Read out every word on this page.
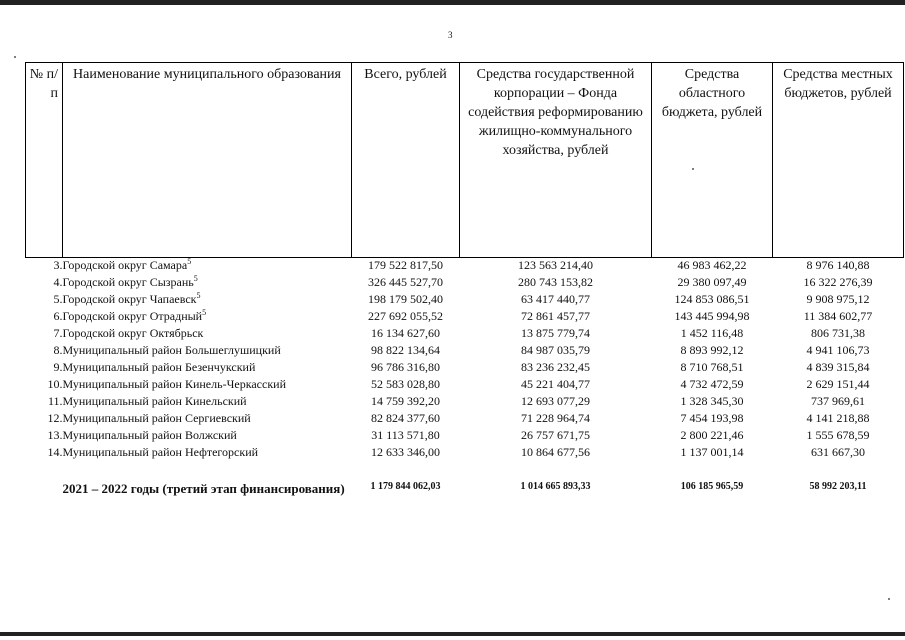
3
№ п/п	Наименование муниципального образования	Всего, рублей	Средства государственной корпорации – Фонда содействия реформированию жилищно-коммунального хозяйства, рублей	Средства областного бюджета, рублей	Средства местных бюджетов, рублей
3.	Городской округ Самара$^5$	179 522 817,50	123 563 214,40	46 983 462,22	8 976 140,88
4.	Городской округ Сызрань$^5$	326 445 527,70	280 743 153,82	29 380 097,49	16 322 276,39
5.	Городской округ Чапаевск$^5$	198 179 502,40	63 417 440,77	124 853 086,51	9 908 975,12
6.	Городской округ Отрадный$^5$	227 692 055,52	72 861 457,77	143 445 994,98	11 384 602,77
7.	Городской округ Октябрьск	16 134 627,60	13 875 779,74	1 452 116,48	806 731,38
8.	Муниципальный район Большеглушицкий	98 822 134,64	84 987 035,79	8 893 992,12	4 941 106,73
9.	Муниципальный район Безенчукский	96 786 316,80	83 236 232,45	8 710 768,51	4 839 315,84
10.	Муниципальный район Кинель-Черкасский	52 583 028,80	45 221 404,77	4 732 472,59	2 629 151,44
11.	Муниципальный район Кинельский	14 759 392,20	12 693 077,29	1 328 345,30	737 969,61
12.	Муниципальный район Сергиевский	82 824 377,60	71 228 964,74	7 454 193,98	4 141 218,88
13.	Муниципальный район Волжский	31 113 571,80	26 757 671,75	2 800 221,46	1 555 678,59
14.	Муниципальный район Нефтегорский	12 633 346,00	10 864 677,56	1 137 001,14	631 667,30

	2021 – 2022 годы (третий этап финансирования)	1 179 844 062,03	1 014 665 893,33	106 185 965,59	58 992 203,11
